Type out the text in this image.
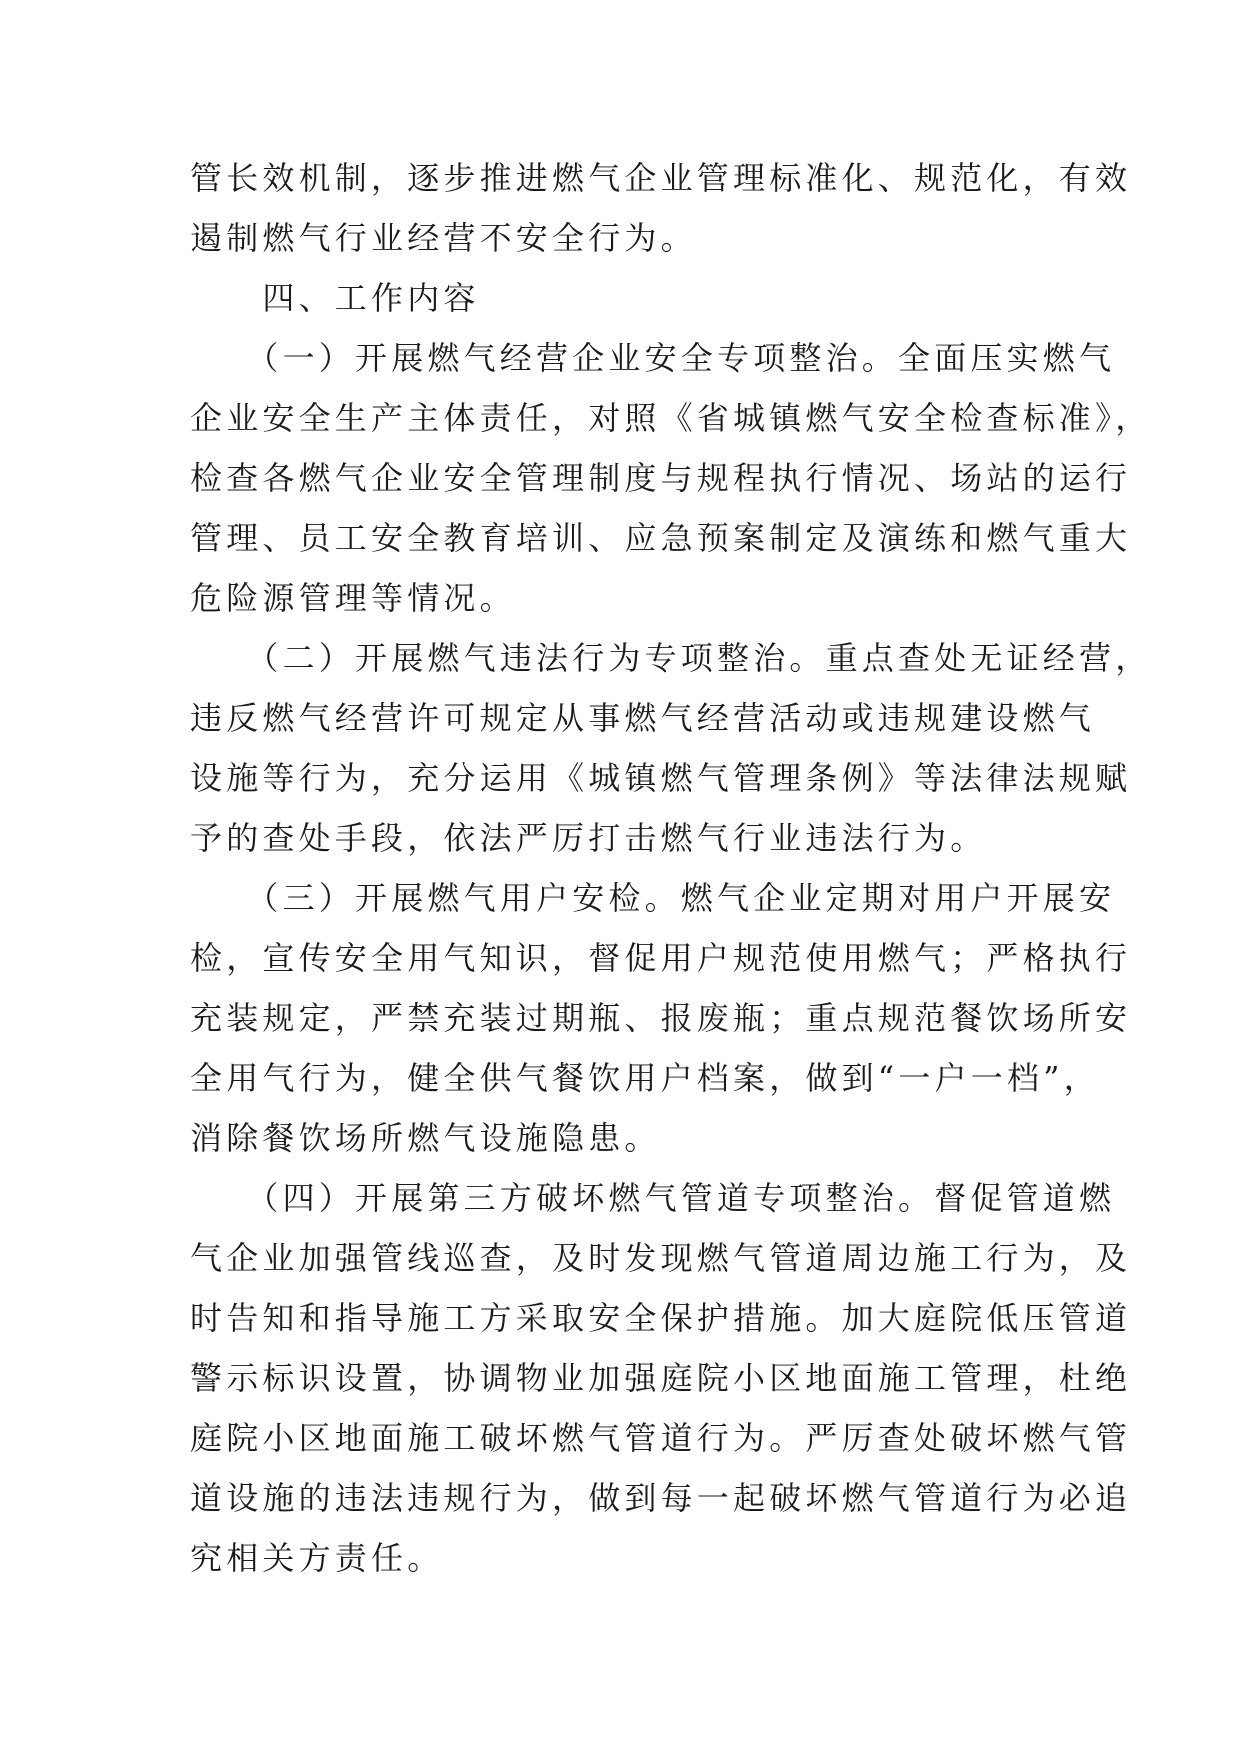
管长效机制，逐步推进燃气企业管理标准化、规范化，有效
遏制燃气行业经营不安全行为。
　　四、工作内容
　　（一）开展燃气经营企业安全专项整治。全面压实燃气
企业安全生产主体责任，对照《省城镇燃气安全检查标准》，
检查各燃气企业安全管理制度与规程执行情况、场站的运行
管理、员工安全教育培训、应急预案制定及演练和燃气重大
危险源管理等情况。
　　（二）开展燃气违法行为专项整治。重点查处无证经营，
违反燃气经营许可规定从事燃气经营活动或违规建设燃气
设施等行为，充分运用《城镇燃气管理条例》等法律法规赋
予的查处手段，依法严厉打击燃气行业违法行为。
　　（三）开展燃气用户安检。燃气企业定期对用户开展安
检，宣传安全用气知识，督促用户规范使用燃气；严格执行
充装规定，严禁充装过期瓶、报废瓶；重点规范餐饮场所安
全用气行为，健全供气餐饮用户档案，做到“一户一档”，
消除餐饮场所燃气设施隐患。
　　（四）开展第三方破坏燃气管道专项整治。督促管道燃
气企业加强管线巡查，及时发现燃气管道周边施工行为，及
时告知和指导施工方采取安全保护措施。加大庭院低压管道
警示标识设置，协调物业加强庭院小区地面施工管理，杜绝
庭院小区地面施工破坏燃气管道行为。严厉查处破坏燃气管
道设施的违法违规行为，做到每一起破坏燃气管道行为必追
究相关方责任。
